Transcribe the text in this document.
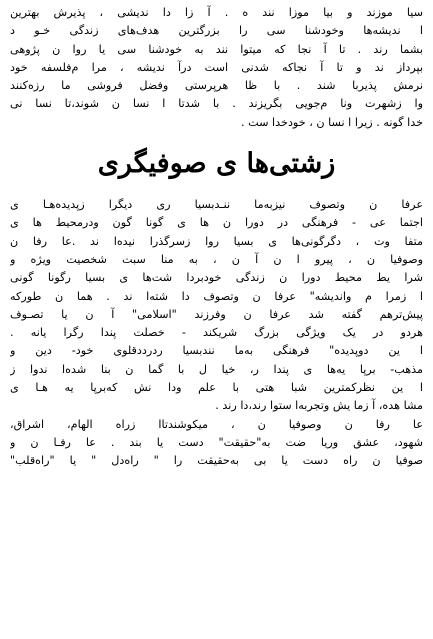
سیا موزند و بیا موزا نند ه . آ زا دا ندیشی ، پذیرش بهترین
ا ندیشه‌ها وخودشنا سی را بزرگترین هدف‌های زندگی خـو د
بشما رند . تا آ نجا که میتوا نند به خودشنا سی یا روا ن پژوهی
بپرداز ند و تا آ نجاکه شدنی است درآ ندیشه ، مرا م‌فلسفه‌ خود
نرمش پذیربا شند . با ظا هرپرستی وفضل فروشی ما رزه‌کنند
وا زشهرت ونا م‌جویی بگریزند . با شدتا ا نسا ن شوند،‌تا نسا نی
خدا گونه . زیرا ا نسا ن ، خودخدا ست .
زشتی‌ها ی صوفیگری
عرفا ن وتصوف نیزبه‌ما ننـدبسیا ری دیگرا زپدیده‌هـا ی
اجتما عی - فرهنگی در دورا ن ها ی گونا گون ودرمحیط ها ی
متفا وت ، دگرگونی‌ها ی بسیا روا زسرگذرا نیده‌ا ند .عا رفا ن
وصوفیا ن ، پیرو ا ن آ ن ، به منا سبت شخصیت ویژه‌ و
شرا یط محیط دورا ن زندگی خودبردا شت‌ها ی بسیا رگونا گونی
ا زمرا م واندیشه" عرفا ن وتصوف دا شته‌ا ند . هما ن طورکه
پیش‌ترهم گفته شد عرفا ن وفرزند "اسلامی" آ ن یا تصـوف
هردو در یک ویژگی بزرگ شریکند - خصلت پندا رگرا یانه .
ا ین دوپدیده" فرهنگی به‌ما نندبسیا ردرددقلوی خود- دین و
مذهب- برپا یه‌ها ی پندا ر، خیا ل با گما ن بنا شده‌ا ندوا ز
ا ین نظرکمترین شبا هتی با علم ودا نش که‌برپا یه‌ هـا ی
مشا هده، آ زما یش وتجربه‌ا ستوا رند،دا رند .
عا رفا ن وصوفیا ن ، میکوشندتاا زراه الهام، اشراق،
شهود، عشق وریا ضت به"حقیقت" دست یا بند . عا رفـا ن و
صوفیا ن راه دست یا بی به‌حقیقت را " راه‌دل " یا "راه‌قلب"
